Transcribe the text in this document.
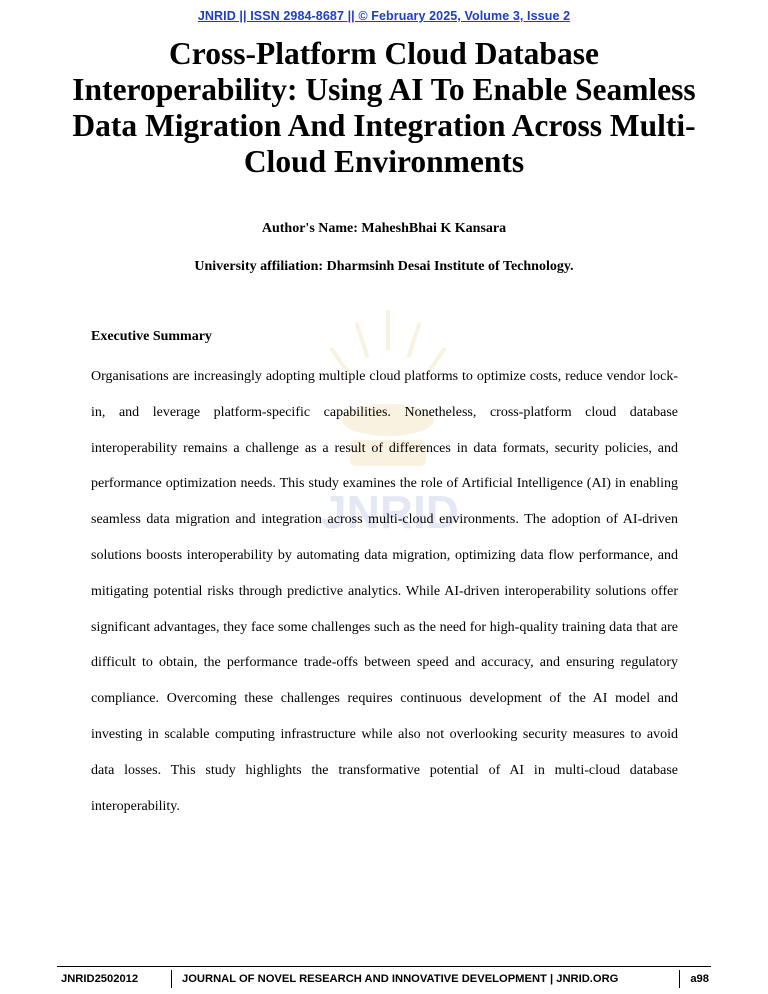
JNRID || ISSN 2984-8687 || © February 2025, Volume 3, Issue 2
Cross-Platform Cloud Database Interoperability: Using AI To Enable Seamless Data Migration And Integration Across Multi-Cloud Environments
Author's Name: MaheshBhai K Kansara
University affiliation: Dharmsinh Desai Institute of Technology.
JNRID
Executive Summary
Organisations are increasingly adopting multiple cloud platforms to optimize costs, reduce vendor lock-in, and leverage platform-specific capabilities. Nonetheless, cross-platform cloud database interoperability remains a challenge as a result of differences in data formats, security policies, and performance optimization needs. This study examines the role of Artificial Intelligence (AI) in enabling seamless data migration and integration across multi-cloud environments. The adoption of AI-driven solutions boosts interoperability by automating data migration, optimizing data flow performance, and mitigating potential risks through predictive analytics. While AI-driven interoperability solutions offer significant advantages, they face some challenges such as the need for high-quality training data that are difficult to obtain, the performance trade-offs between speed and accuracy, and ensuring regulatory compliance. Overcoming these challenges requires continuous development of the AI model and investing in scalable computing infrastructure while also not overlooking security measures to avoid data losses. This study highlights the transformative potential of AI in multi-cloud database interoperability.
JNRID2502012	JOURNAL OF NOVEL RESEARCH AND INNOVATIVE DEVELOPMENT | JNRID.ORG	a98
